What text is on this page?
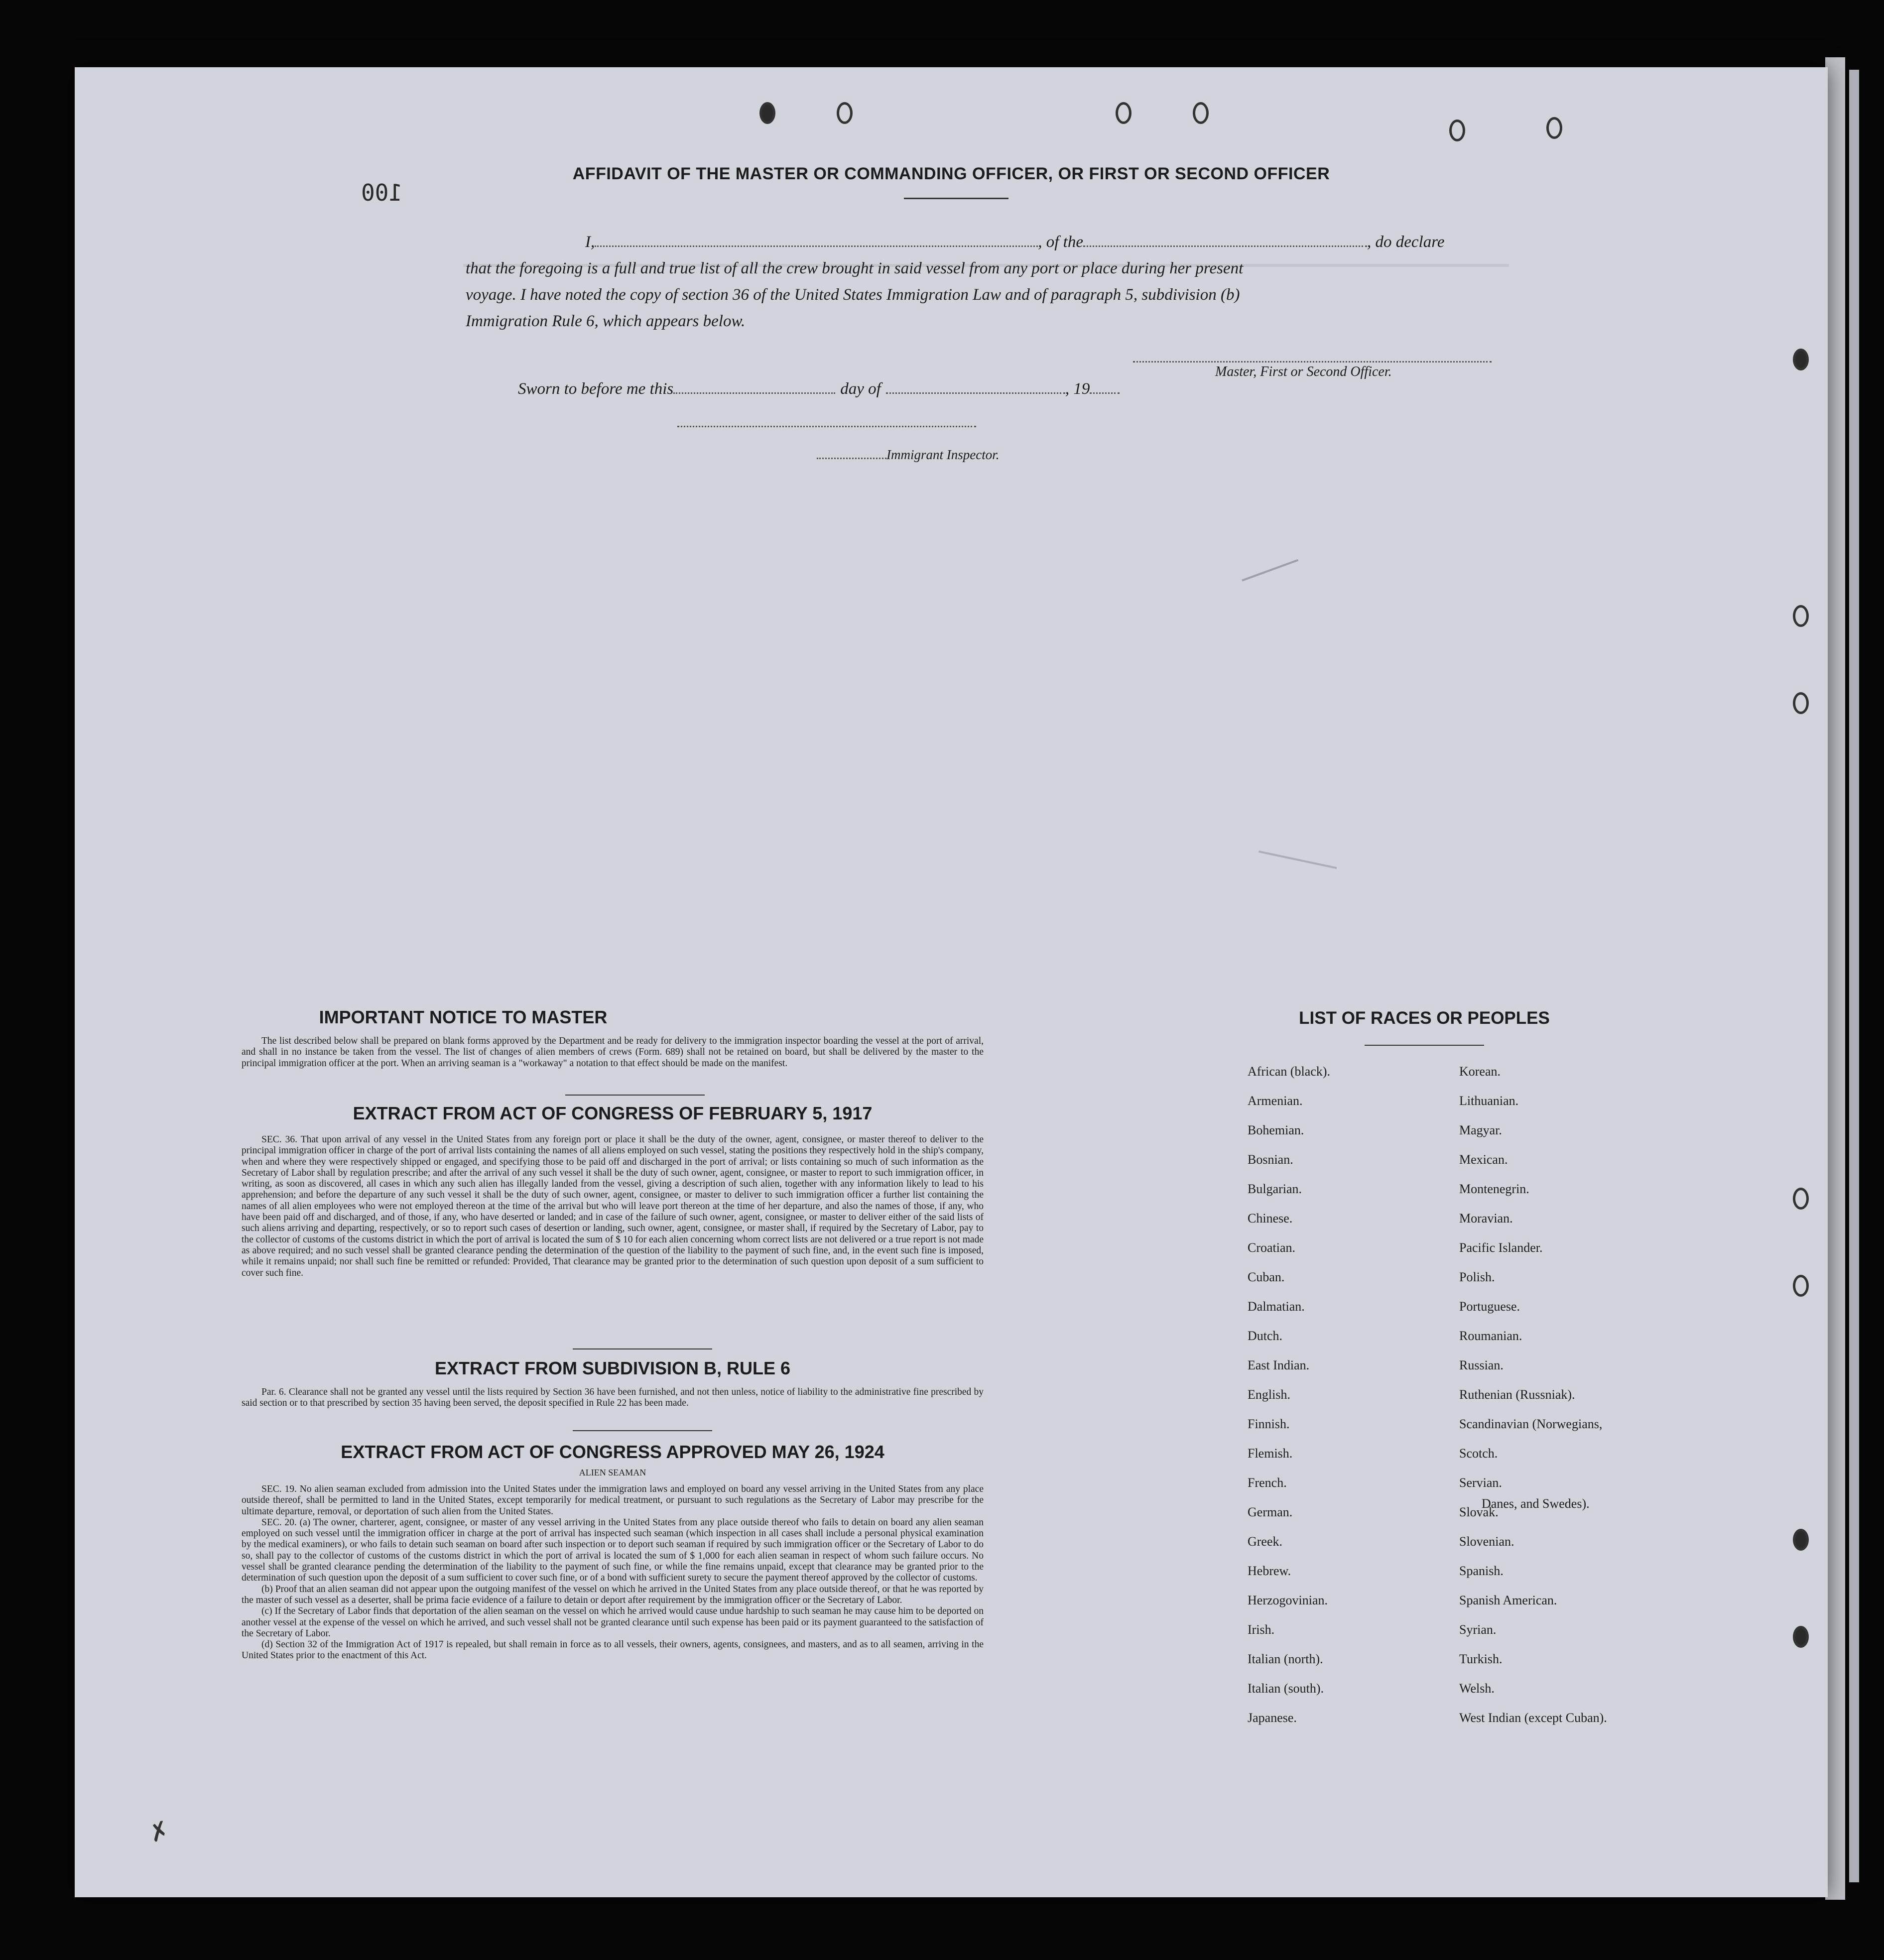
100
AFFIDAVIT OF THE MASTER OR COMMANDING OFFICER, OR FIRST OR SECOND OFFICER
I,	, of the	, do declare
that the foregoing is a full and true list of all the crew brought in said vessel from any port or place during her present
voyage. I have noted the copy of section 36 of the United States Immigration Law and of paragraph 5, subdivision (b)
Immigration Rule 6, which appears below.
Master, First or Second Officer.
Sworn to before me this	day of	, 19
Immigrant Inspector.
IMPORTANT NOTICE TO MASTER

The list described below shall be prepared on blank forms approved by the Department and be ready for delivery to the immigration inspector boarding the vessel at the port of arrival, and shall in no instance be taken from the vessel. The list of changes of alien members of crews (Form. 689) shall not be retained on board, but shall be delivered by the master to the principal immigration officer at the port. When an arriving seaman is a "workaway" a notation to that effect should be made on the manifest.

EXTRACT FROM ACT OF CONGRESS OF FEBRUARY 5, 1917

SEC. 36. That upon arrival of any vessel in the United States from any foreign port or place it shall be the duty of the owner, agent, consignee, or master thereof to deliver to the principal immigration officer in charge of the port of arrival lists containing the names of all aliens employed on such vessel, stating the positions they respectively hold in the ship's company, when and where they were respectively shipped or engaged, and specifying those to be paid off and discharged in the port of arrival; or lists containing so much of such information as the Secretary of Labor shall by regulation prescribe; and after the arrival of any such vessel it shall be the duty of such owner, agent, consignee, or master to report to such immigration officer, in writing, as soon as discovered, all cases in which any such alien has illegally landed from the vessel, giving a description of such alien, together with any information likely to lead to his apprehension; and before the departure of any such vessel it shall be the duty of such owner, agent, consignee, or master to deliver to such immigration officer a further list containing the names of all alien employees who were not employed thereon at the time of the arrival but who will leave port thereon at the time of her departure, and also the names of those, if any, who have been paid off and discharged, and of those, if any, who have deserted or landed; and in case of the failure of such owner, agent, consignee, or master to deliver either of the said lists of such aliens arriving and departing, respectively, or so to report such cases of desertion or landing, such owner, agent, consignee, or master shall, if required by the Secretary of Labor, pay to the collector of customs of the customs district in which the port of arrival is located the sum of $ 10 for each alien concerning whom correct lists are not delivered or a true report is not made as above required; and no such vessel shall be granted clearance pending the determination of the question of the liability to the payment of such fine, and, in the event such fine is imposed, while it remains unpaid; nor shall such fine be remitted or refunded: Provided, That clearance may be granted prior to the determination of such question upon deposit of a sum sufficient to cover such fine.

EXTRACT FROM SUBDIVISION B, RULE 6

Par. 6. Clearance shall not be granted any vessel until the lists required by Section 36 have been furnished, and not then unless, notice of liability to the administrative fine prescribed by said section or to that prescribed by section 35 having been served, the deposit specified in Rule 22 has been made.

EXTRACT FROM ACT OF CONGRESS APPROVED MAY 26, 1924
ALIEN SEAMAN

SEC. 19. No alien seaman excluded from admission into the United States under the immigration laws and employed on board any vessel arriving in the United States from any place outside thereof, shall be permitted to land in the United States, except temporarily for medical treatment, or pursuant to such regulations as the Secretary of Labor may prescribe for the ultimate departure, removal, or deportation of such alien from the United States.

SEC. 20. (a) The owner, charterer, agent, consignee, or master of any vessel arriving in the United States from any place outside thereof who fails to detain on board any alien seaman employed on such vessel until the immigration officer in charge at the port of arrival has inspected such seaman (which inspection in all cases shall include a personal physical examination by the medical examiners), or who fails to detain such seaman on board after such inspection or to deport such seaman if required by such immigration officer or the Secretary of Labor to do so, shall pay to the collector of customs of the customs district in which the port of arrival is located the sum of $ 1,000 for each alien seaman in respect of whom such failure occurs. No vessel shall be granted clearance pending the determination of the liability to the payment of such fine, or while the fine remains unpaid, except that clearance may be granted prior to the determination of such question upon the deposit of a sum sufficient to cover such fine, or of a bond with sufficient surety to secure the payment thereof approved by the collector of customs.

(b) Proof that an alien seaman did not appear upon the outgoing manifest of the vessel on which he arrived in the United States from any place outside thereof, or that he was reported by the master of such vessel as a deserter, shall be prima facie evidence of a failure to detain or deport after requirement by the immigration officer or the Secretary of Labor.

(c) If the Secretary of Labor finds that deportation of the alien seaman on the vessel on which he arrived would cause undue hardship to such seaman he may cause him to be deported on another vessel at the expense of the vessel on which he arrived, and such vessel shall not be granted clearance until such expense has been paid or its payment guaranteed to the satisfaction of the Secretary of Labor.

(d) Section 32 of the Immigration Act of 1917 is repealed, but shall remain in force as to all vessels, their owners, agents, consignees, and masters, and as to all seamen, arriving in the United States prior to the enactment of this Act.

LIST OF RACES OR PEOPLES
African (black).
Armenian.
Bohemian.
Bosnian.
Bulgarian.
Chinese.
Croatian.
Cuban.
Dalmatian.
Dutch.
East Indian.
English.
Finnish.
Flemish.
French.
German.
Greek.
Hebrew.
Herzogovinian.
Irish.
Italian (north).
Italian (south).
Japanese.
Korean.
Lithuanian.
Magyar.
Mexican.
Montenegrin.
Moravian.
Pacific Islander.
Polish.
Portuguese.
Roumanian.
Russian.
Ruthenian (Russniak).
Scandinavian (Norwegians,
Scotch.
Servian.
Slovak.
Slovenian.
Spanish.
Spanish American.
Syrian.
Turkish.
Welsh.
West Indian (except Cuban).
Danes, and Swedes).
✗
